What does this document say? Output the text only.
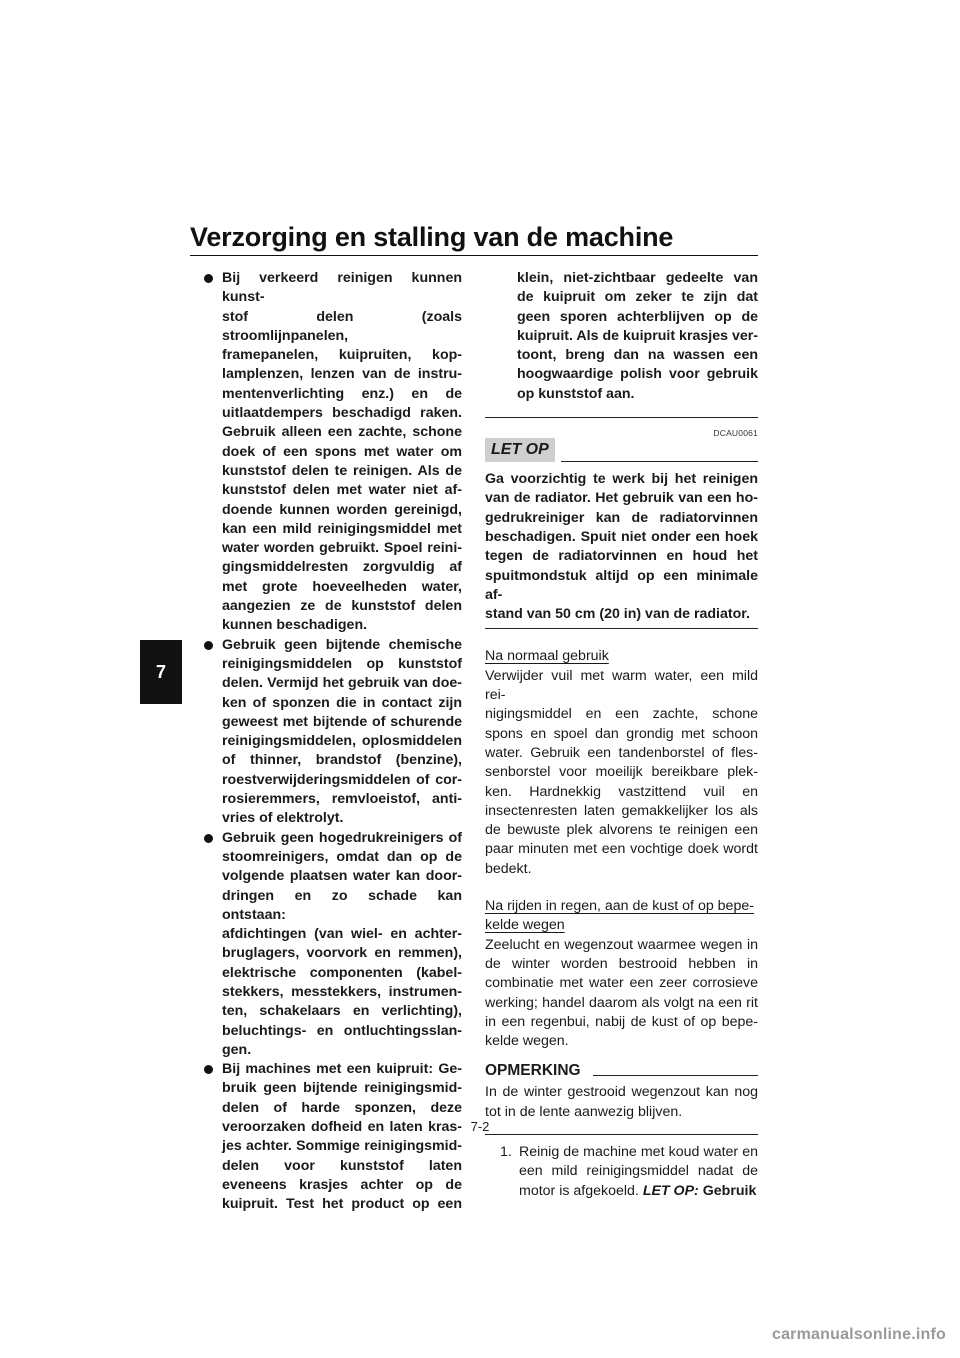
Verzorging en stalling van de machine
7
Bij verkeerd reinigen kunnen kunst-
stof delen (zoals stroomlijnpanelen,
framepanelen, kuipruiten, kop-
lamplenzen, lenzen van de instru-
mentenverlichting enz.) en de
uitlaatdempers beschadigd raken.
Gebruik alleen een zachte, schone
doek of een spons met water om
kunststof delen te reinigen. Als de
kunststof delen met water niet af-
doende kunnen worden gereinigd,
kan een mild reinigingsmiddel met
water worden gebruikt. Spoel reini-
gingsmiddelresten zorgvuldig af
met grote hoeveelheden water,
aangezien ze de kunststof delen
kunnen beschadigen.
Gebruik geen bijtende chemische
reinigingsmiddelen op kunststof
delen. Vermijd het gebruik van doe-
ken of sponzen die in contact zijn
geweest met bijtende of schurende
reinigingsmiddelen, oplosmiddelen
of thinner, brandstof (benzine),
roestverwijderingsmiddelen of cor-
rosieremmers, remvloeistof, anti-
vries of elektrolyt.
Gebruik geen hogedrukreinigers of
stoomreinigers, omdat dan op de
volgende plaatsen water kan door-
dringen en zo schade kan ontstaan:
afdichtingen (van wiel- en achter-
bruglagers, voorvork en remmen),
elektrische componenten (kabel-
stekkers, messtekkers, instrumen-
ten, schakelaars en verlichting),
beluchtings- en ontluchtingsslan-
gen.
Bij machines met een kuipruit: Ge-
bruik geen bijtende reinigingsmid-
delen of harde sponzen, deze
veroorzaken dofheid en laten kras-
jes achter. Sommige reinigingsmid-
delen voor kunststof laten
eveneens krasjes achter op de
kuipruit. Test het product op een
klein, niet-zichtbaar gedeelte van
de kuipruit om zeker te zijn dat
geen sporen achterblijven op de
kuipruit. Als de kuipruit krasjes ver-
toont, breng dan na wassen een
hoogwaardige polish voor gebruik
op kunststof aan.
DCAU0061
LET OP
Ga voorzichtig te werk bij het reinigen
van de radiator. Het gebruik van een ho-
gedrukreiniger kan de radiatorvinnen
beschadigen. Spuit niet onder een hoek
tegen de radiatorvinnen en houd het
spuitmondstuk altijd op een minimale af-
stand van 50 cm (20 in) van de radiator.
Na normaal gebruik
Verwijder vuil met warm water, een mild rei-
nigingsmiddel en een zachte, schone
spons en spoel dan grondig met schoon
water. Gebruik een tandenborstel of fles-
senborstel voor moeilijk bereikbare plek-
ken. Hardnekkig vastzittend vuil en
insectenresten laten gemakkelijker los als
de bewuste plek alvorens te reinigen een
paar minuten met een vochtige doek wordt
bedekt.
Na rijden in regen, aan de kust of op bepe-
kelde wegen
Zeelucht en wegenzout waarmee wegen in
de winter worden bestrooid hebben in
combinatie met water een zeer corrosieve
werking; handel daarom als volgt na een rit
in een regenbui, nabij de kust of op bepe-
kelde wegen.
OPMERKING
In de winter gestrooid wegenzout kan nog
tot in de lente aanwezig blijven.
1. Reinig de machine met koud water en
een mild reinigingsmiddel nadat de
motor is afgekoeld. LET OP: Gebruik
7-2
carmanualsonline.info
